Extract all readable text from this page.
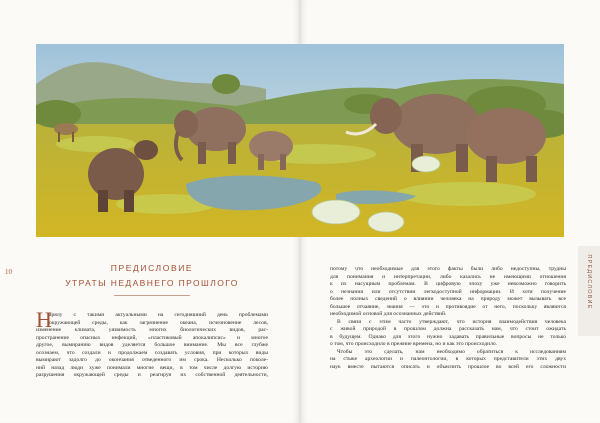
10	ПРЕДИСЛОВИЕ
ПРЕДИСЛОВИЕ
УТРАТЫ НЕДАВНЕГО ПРОШЛОГО
Н
арялу с такими актуальными на сегодняшний день проблемами
окружающей среды, как загрязнение океана, исчезновение лесов,
изменение климата, уязвимость многих биологических видов, рас-
пространение опасных инфекций, «пластиковый апокалипсис» и многое
другое, вымиранию видов уделяется большое внимание. Мы все глубже
осознаем, что создали и продолжаем создавать условия, при которых виды
вымирают задолго до окончания отведенного им срока. Несколько поколе-
ний назад люди хуже понимали многие вещи, в том числе долгую историю
разрушения окружающей среды и реагируя их собственной деятельности,
потому что необходимые для этого факты были либо недоступны, трудны
для понимания и интерпретации, либо казались не имеющими отношения
к их насущным проблемам. В цифровую эпоху уже невозможно говорить
о незнании или отсутствии легкодоступной информации. И хотя получение
более полных сведений о влиянии человека на природу может вызывать все
большее отчаяние, знания — это и противоядие от него, поскольку являются
необходимой основой для осознанных действий.
В связи с этим часто утверждают, что история взаимодействия человека
с живой природой в прошлом должна рассказать нам, что стоит ожидать
в будущем. Однако для этого нужно задавать правильные вопросы не только
о том, что происходило в прежние времена, но и как это происходило.
Чтобы это сделать, нам необходимо обратиться к исследованиям
на стыке археологии и палеонтологии, в которых представители этих двух
наук вместе пытаются описать и объяснить прошлое во всей его сложности
